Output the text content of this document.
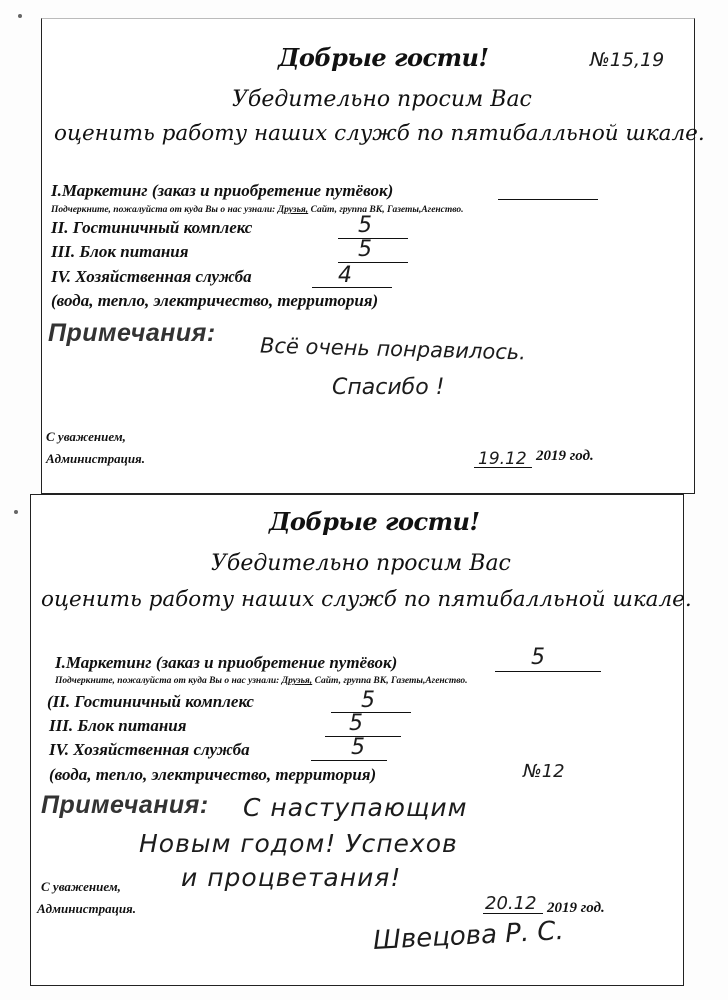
Добрые гости!	№15,19
Убедительно просим Вас
оценить работу наших служб по пятибалльной шкале.
I.Маркетинг (заказ и приобретение путёвок)
Подчеркните, пожалуйста от куда Вы о нас узнали: Друзья, Сайт, группа ВК, Газеты,Агенство.
II. Гостиничный комплекс	5
III. Блок питания	5
IV. Хозяйственная служба	4
(вода, тепло, электричество, территория)
Примечания:
Всё очень понравилось.
Спасибо !
С уважением,
Администрация.	19.12 2019 год.
Добрые гости!
Убедительно просим Вас
оценить работу наших служб по пятибалльной шкале.
I.Маркетинг (заказ и приобретение путёвок)	5
Подчеркните, пожалуйста от куда Вы о нас узнали: Друзья, Сайт, группа ВК, Газеты,Агенство.
(II. Гостиничный комплекс	5
III. Блок питания	5
IV. Хозяйственная служба	5
(вода, тепло, электричество, территория)	№12
Примечания: С наступающим
Новым годом! Успехов
и процветания!
С уважением,
Администрация.	20.12 2019 год.
Швецова Р. С.
